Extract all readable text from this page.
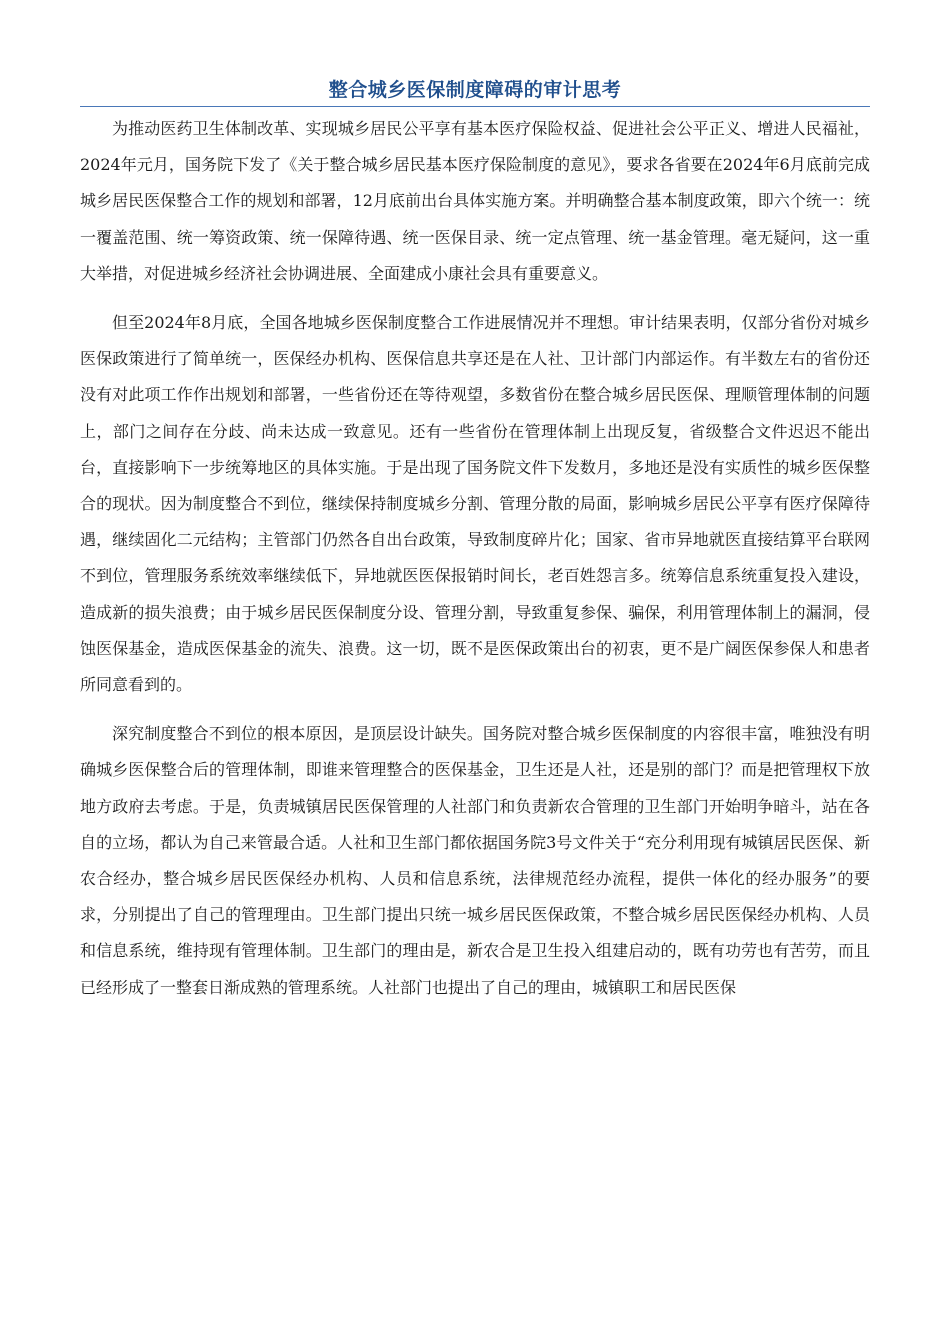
整合城乡医保制度障碍的审计思考

为推动医药卫生体制改革、实现城乡居民公平享有基本医疗保险权益、促进社会公平正义、增进人民福祉，2024年元月，国务院下发了《关于整合城乡居民基本医疗保险制度的意见》，要求各省要在2024年6月底前完成城乡居民医保整合工作的规划和部署，12月底前出台具体实施方案。并明确整合基本制度政策，即六个统一：统一覆盖范围、统一筹资政策、统一保障待遇、统一医保目录、统一定点管理、统一基金管理。毫无疑问，这一重大举措，对促进城乡经济社会协调进展、全面建成小康社会具有重要意义。

但至2024年8月底，全国各地城乡医保制度整合工作进展情况并不理想。审计结果表明，仅部分省份对城乡医保政策进行了简单统一，医保经办机构、医保信息共享还是在人社、卫计部门内部运作。有半数左右的省份还没有对此项工作作出规划和部署，一些省份还在等待观望，多数省份在整合城乡居民医保、理顺管理体制的问题上，部门之间存在分歧、尚未达成一致意见。还有一些省份在管理体制上出现反复，省级整合文件迟迟不能出台，直接影响下一步统筹地区的具体实施。于是出现了国务院文件下发数月，多地还是没有实质性的城乡医保整合的现状。因为制度整合不到位，继续保持制度城乡分割、管理分散的局面，影响城乡居民公平享有医疗保障待遇，继续固化二元结构；主管部门仍然各自出台政策，导致制度碎片化；国家、省市异地就医直接结算平台联网不到位，管理服务系统效率继续低下，异地就医医保报销时间长，老百姓怨言多。统筹信息系统重复投入建设，造成新的损失浪费；由于城乡居民医保制度分设、管理分割，导致重复参保、骗保，利用管理体制上的漏洞，侵蚀医保基金，造成医保基金的流失、浪费。这一切，既不是医保政策出台的初衷，更不是广阔医保参保人和患者所同意看到的。

深究制度整合不到位的根本原因，是顶层设计缺失。国务院对整合城乡医保制度的内容很丰富，唯独没有明确城乡医保整合后的管理体制，即谁来管理整合的医保基金，卫生还是人社，还是别的部门？而是把管理权下放地方政府去考虑。于是，负责城镇居民医保管理的人社部门和负责新农合管理的卫生部门开始明争暗斗，站在各自的立场，都认为自己来管最合适。人社和卫生部门都依据国务院3号文件关于“充分利用现有城镇居民医保、新农合经办，整合城乡居民医保经办机构、人员和信息系统，法律规范经办流程，提供一体化的经办服务”的要求，分别提出了自己的管理理由。卫生部门提出只统一城乡居民医保政策，不整合城乡居民医保经办机构、人员和信息系统，维持现有管理体制。卫生部门的理由是，新农合是卫生投入组建启动的，既有功劳也有苦劳，而且已经形成了一整套日渐成熟的管理系统。人社部门也提出了自己的理由，城镇职工和居民医保
